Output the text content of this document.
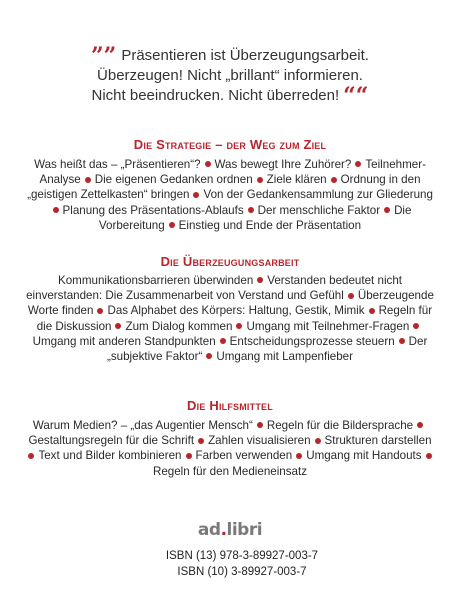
”” Präsentieren ist Überzeugungsarbeit.
Überzeugen! Nicht „brillant“ informieren.
Nicht beeindrucken. Nicht überreden! ““
Die Strategie – der Weg zum Ziel
Was heißt das – „Präsentieren“? Was bewegt Ihre Zuhörer? Teilnehmer-Analyse Die eigenen Gedanken ordnen Ziele klären Ordnung in den „geistigen Zettelkasten“ bringen Von der Gedankensammlung zur GliederungPlanung des Präsentations-Ablaufs Der menschliche Faktor Die Vorbereitung Einstieg und Ende der Präsentation
Die Überzeugungsarbeit
Kommunikationsbarrieren überwinden Verstanden bedeutet nicht einverstanden: Die Zusammenarbeit von Verstand und Gefühl Überzeugende Worte finden Das Alphabet des Körpers: Haltung, Gestik, Mimik Regeln für die Diskussion Zum Dialog kommen Umgang mit Teilnehmer-FragenUmgang mit anderen Standpunkten Entscheidungsprozesse steuern Der „subjektive Faktor“ Umgang mit Lampenfieber
Die Hilfsmittel
Warum Medien? – „das Augentier Mensch“ Regeln für die BilderspracheGestaltungsregeln für die Schrift Zahlen visualisieren Strukturen darstellenText und Bilder kombinieren Farben verwenden Umgang mit HandoutsRegeln für den Medieneinsatz
ad.libri
ISBN (13) 978-3-89927-003-7
ISBN (10) 3-89927-003-7
